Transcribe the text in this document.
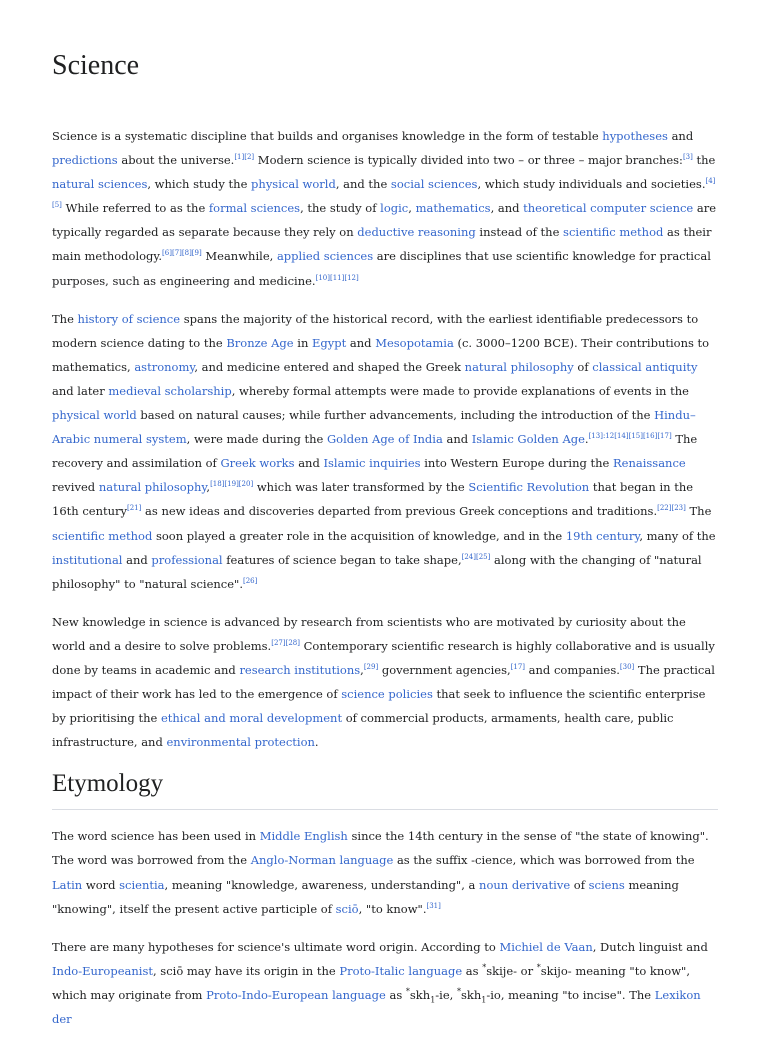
Science

Science is a systematic discipline that builds and organises knowledge in the form of testable hypotheses and predictions about the universe.[1][2] Modern science is typically divided into two – or three – major branches:[3] the natural sciences, which study the physical world, and the social sciences, which study individuals and societies.[4][5] While referred to as the formal sciences, the study of logic, mathematics, and theoretical computer science are typically regarded as separate because they rely on deductive reasoning instead of the scientific method as their main methodology.[6][7][8][9] Meanwhile, applied sciences are disciplines that use scientific knowledge for practical purposes, such as engineering and medicine.[10][11][12]

The history of science spans the majority of the historical record, with the earliest identifiable predecessors to modern science dating to the Bronze Age in Egypt and Mesopotamia (c. 3000–1200 BCE). Their contributions to mathematics, astronomy, and medicine entered and shaped the Greek natural philosophy of classical antiquity and later medieval scholarship, whereby formal attempts were made to provide explanations of events in the physical world based on natural causes; while further advancements, including the introduction of the Hindu–Arabic numeral system, were made during the Golden Age of India and Islamic Golden Age.[13]:12[14][15][16][17] The recovery and assimilation of Greek works and Islamic inquiries into Western Europe during the Renaissance revived natural philosophy,[18][19][20] which was later transformed by the Scientific Revolution that began in the 16th century[21] as new ideas and discoveries departed from previous Greek conceptions and traditions.[22][23] The scientific method soon played a greater role in the acquisition of knowledge, and in the 19th century, many of the institutional and professional features of science began to take shape,[24][25] along with the changing of "natural philosophy" to "natural science".[26]

New knowledge in science is advanced by research from scientists who are motivated by curiosity about the world and a desire to solve problems.[27][28] Contemporary scientific research is highly collaborative and is usually done by teams in academic and research institutions,[29] government agencies,[17] and companies.[30] The practical impact of their work has led to the emergence of science policies that seek to influence the scientific enterprise by prioritising the ethical and moral development of commercial products, armaments, health care, public infrastructure, and environmental protection.

Etymology

The word science has been used in Middle English since the 14th century in the sense of "the state of knowing". The word was borrowed from the Anglo-Norman language as the suffix -cience, which was borrowed from the Latin word scientia, meaning "knowledge, awareness, understanding", a noun derivative of sciens meaning "knowing", itself the present active participle of sciō, "to know".[31]

There are many hypotheses for science's ultimate word origin. According to Michiel de Vaan, Dutch linguist and Indo-Europeanist, sciō may have its origin in the Proto-Italic language as *skije- or *skijo- meaning "to know", which may originate from Proto-Indo-European language as *skh$_1$-ie, *skh$_1$-io, meaning "to incise". The Lexikon der
